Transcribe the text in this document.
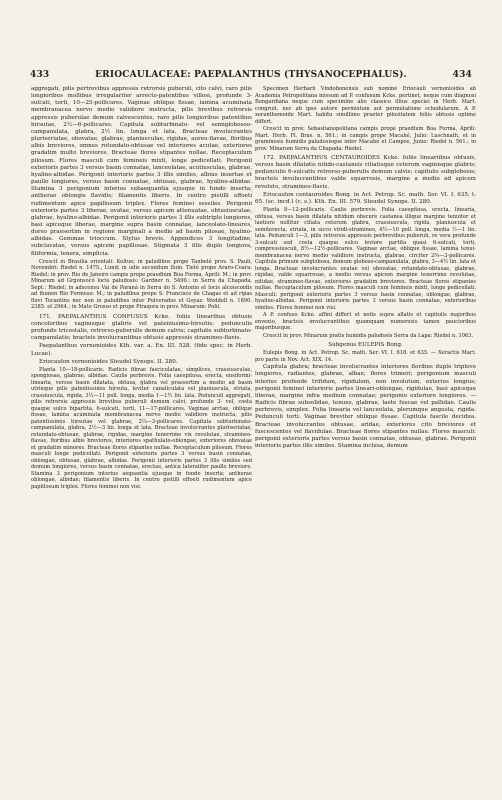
433	ERIOCAULACEAE: PAEPALANTHUS (THYSANOCEPHALUS).	434

aggregati, pilis pertrevibus appressis retrorsis puberuli, cito calvi, raro pilis longioribus mollibus irregulariter arrecto-patentibus villosi, profunde 3-sulcati, torti, 10—25-pollicares. Vaginae oblique fissae, lamina acuminata membranacea nervo medio validiore instructa, pilis brevibus retrorsis appressis puberulae demum calvescentes, raro pilis longioribus patentibus hirsutae, 2½—6-pollicares. Capitula subturbinato- vel semiglobosoo-campanulata, glabra, 2½ lin. longa et lata. Bracteae involucrantes pluriseriatae, obovatae, glabrae, planiusculae, rigidae, aureo-flavae, floribus albis breviores, omnes rotundato-obtusae vel interiores acutae, exteriores gradatim multo breviores. Bracteae flores stipantes nullae. Receptaculum pilosum. Flores masculi cum femineis mixti, longe pedicellati. Perigonii exterioris partes 3 versus basin connatae, lanceolatae, acutiusculae, glabrae, hyalino-albidae. Perigonii interioris partes 3 illis similes, albius insertae et paullo longiores, versus basin connatae, obtusae, glabrae, hyalino-albidae. Stamina 3 perigonium interius subaequantia ejusque in fundo inserta; antherae oblongis flavidis; filamentis liberis. In centro pistilli effoeti rudimentum apice papillosum triplex. Flores feminei sessiles. Perigonii exterioris partes 3 liberae, ovatae, versus apicem attenuatae, obtusiusculae, glabrae, hyalino-albidae. Perigonii interioris partes 3 illis subtriplo longiores, basi apiceque liberae, margine supra basin connatae, lanceolato-lineares, dorso praesertim in regione marginali a medio ad basin pilosae, hyalino-albidae. Gemmae trioccum. Stylus brevis. Appendices 3 longitudine, subclavatae, versus apicem papillosae. Stigmata 3 illis duplo longiora, filiformia, tenera, simplicia.

Crescit in Brasilia orientali: Koltue; in paludibus prope Tanbeté prov. S. Pauli, Novembri: Riedel n. 1475., Lund; in udis secundum flum. Tieté prope Araro-Coara: Riedel; in prov. Rio de Janeiro campis prope praedium Boa Forma, Aprili: M.; in prov. Minarum ad Grgonsocó locis paludosis: Gardner n. 5490.; in Serra da Chapada, Sept.: Riedel; in adscensu Vai de Paraná in Serra do S. Antonio et locis alcoiscoidis ad flumen Rio Formoso: M.; in paludibus prope S. Francisco de Chagas et ad ripas fluvi Tocantins nec non in paludibus inter Pulverados et Goyaz: Weddell n. 1890. 2385. et 2964.; in Mato Grosso et prope Piraqora in prov. Minarum: Pohl.

171. PAEPALANTHUS CONFUSUS Kcke. foliis linearibus obtusis concoloribus vaginisque glabris vel pateniusimo-hirsutis; pedunculis profunde tricostalis, retrorso-puberulis demum calvis; capitulis subturbinato-campanulatis; bracteis involucrantibus obtusis appressis stramineo-flavis.

Paepalanthus vernonioides Kth. var. a. En. III. 528. (fide spec. in Herb. Lucae).

Eriocaulon vernonioides Steudel Synops. II. 280.

Planta 10—18-pollicaris. Radicis fibrae fasciculatae, simplices, crassiusculae, spongiosae, glabrae, albidae. Caulis perbrevis. Folia caespitosa, erecta, ensiformi-linearia, versus basin dilatata, obtusa, glabra vel praesertim a medio ad basin utrinque pilis patentissimis hirsuta, leviter canaliculata vel planiuscula, striata, crassiuscula, rigida, 3½—11 poll. longa, media 1—1½ lin. lata. Pedunculi aggregati, pilis retrorsis appressis brevibus puberuli demum calvi, profunde 3- vel, costa quaque sulco bipartita, 6-sulcati, torti, 11—17-pollicares. Vaginae arctae, oblique fissae, lamina acuminata membranacea nervo medio validiore instructa, pilis patentissimis hirsutae vel glabrae, 2¼—3-pollicares. Capitula subturbinato-campanulata, glabra, 2½—3 lin. longa et lata. Bracteae involucrantes pluriseriatae, rotundato-obtusae, glabrae, rigidae, margine tenerrime vix revolutae, stramineo-flavae, floribus albis breviores, interiores spathulato-oblongae, exteriores obovatae et gradatim minores. Bracteae flores stipantes nullae. Receptaculum pilosum. Flores masculi longe pedicellati. Perigonii exterioris partes 3 versus basin connatae, oblongae, obtusae, glabrae, albidae. Perigonii interioris partes 3 illis similes sed demum longiores, versus basin connatae, erectae, antica lateraliter paullo breviore. Stamina 3 perigonium interius aequantia ejusque in fundo inserta; antherae oblongae, albidae; filamentis liberis. In centro pistilli effoeti rudimentum apice papillosum triplex. Flores feminei non visi.

Specimen Herbarii Vindobonensis sub nomine Eriocauli vernonioides ab Academia Petropolitana missum ad P. confusum Kcke. pertinet, neque cum diagnosi Bongardiana neque cum specimine alio classico illius speciei in Herb. Mart. congruit, nec ab ipso autore permixtum aut permutatione schedularum. A P. xeranthemoide Mart. habitu simillimo praeter pilositatem foliis obtusis optime differt.

Crescit in prov. Sebastianopolitana campis prope praedium Boa Forma, Aprili: Mart. Herb. Fl. Bras. n. 561.; in campis prope Macahé, Julio: Luschnath, et in graminosis humidis paludosisque inter Macahé et Campos, Junio: Riedel n. 561.; in prov. Minarum Serra da Chapada: Riedel.

172. PAEPALANTHUS CENTAUROIDES Kcke. foliis lineariibus obtusis, versus basin dilatatis nitido-castaneis ciliatisque ceterum vaginisque glabris; pedunculis 6-sulcatis retrorso-puberulis demum calvis; capitulis subglobosis; bracteis involucrantibus valde squarrosis, margine a medio ad apicem revoluto, stramineo-flavis.

Eriocaulon centauroides Bong. in Act. Petrop. Sc. math. Ser. VI. I. 635. t. 65. (sc. incd.) (c. s.). Kth. En. III. 579. Steudel Synops. II. 280.

Planta 8—12-pollicaris. Caulis perbrevis. Folia caespitosa, erecta, linearia, obtusa, versus basin dilatata nitidum obscure castanea illique margine tenuiter et laetiore nollitur ciliata ceterum glabra, crassiuscula, rigida, planiuscula et semiterecta, striata, in sicco viridi-stramineo, 4½—10 poll. longa, media ½—1 lin. lata. Pedunculi 1—3, pilis retrorsis appressis perbrevibus puberuli, re vera profunde 3-sulcati sed costa quaque sulco leviore partita quasi 6-sulcati, torti, compressiusculi, 8½—12½-pollicares. Vaginae arctae, oblique fissae, lamina tenui-membranacea nervo medio validiore instructa, glabrae, circiter 2⅔—3-pollicares. Capitula primum subglobosa, demum globoso-campanulata, glabra, 3—4½ lin. lata et longa. Bracteae involucrantes ovatae vel obovatae, rotundato-obtusae, glabrae, rigidae, valde squarrosae, a medio versus apicem margine tenerrime revolutae, nitidae, stramineo-flavae, exteriores gradatim breviores. Bracteae flores stipantes nullae. Receptaculum pilosum. Flores masculi cum femineis mixti, longe pedicellati. Masculi: perigonii exterioris partes 3 versus basin connatae, oblongae, glabrae, hyalino-albidae. Perigonii interioris partes 3 versus basin connatae, exterioribus similes. Flores feminei non visi.

A P. confuso Kcke. affini differt et notis supra allatis et capitulis majoribus envexio, bracteis involucrantibus quamquam numerosis tamen paucioribus majoribusque.

Crescit in prov. Minarum pratis humidis paludosis Serra da Lapa: Riedel n. 1063.

Subgenus EULEPIS Bong.

Eulepis Bong. in Act. Petrop. Sc. math. Ser. VI. I. 618. et 635. — Xeractis Mart. pro parte in Nov. Act. XIX. 14.

Capitula glabra; bracteae involucrantes interiores floribus duplo triplove longiores, radiantes, glabrae, albae; flores trimeri; perigonium masculi interius profunde trifidum, rigidulum, non involutum, exterius longius; perigonii feminei interioris partes lineari-oblongae, rigidulae, basi apiceque liberae, margine infra medium connatae; perigonio exteriore longiores. — Radicis fibrae subsolidae, tenues, glabrae, laete fuscae vel pallidae. Caulis perbrevis, simplex. Folia linearia vel lanceolata, plerumque angusta, rigida. Pedunculi torti. Vaginae breviter oblique fissae. Capitula fascile decidua. Bracteae involucrantes obtusae, aridae, exteriores cito breviores et fuscescentes vel flavidulae. Bracteae flores stipantes nullae. Flores masculi: perigonii exterioris partes versus basin connatae, obtusae, glabrae. Perigonii interioris partes illis similes. Stamina inclusa, demum
